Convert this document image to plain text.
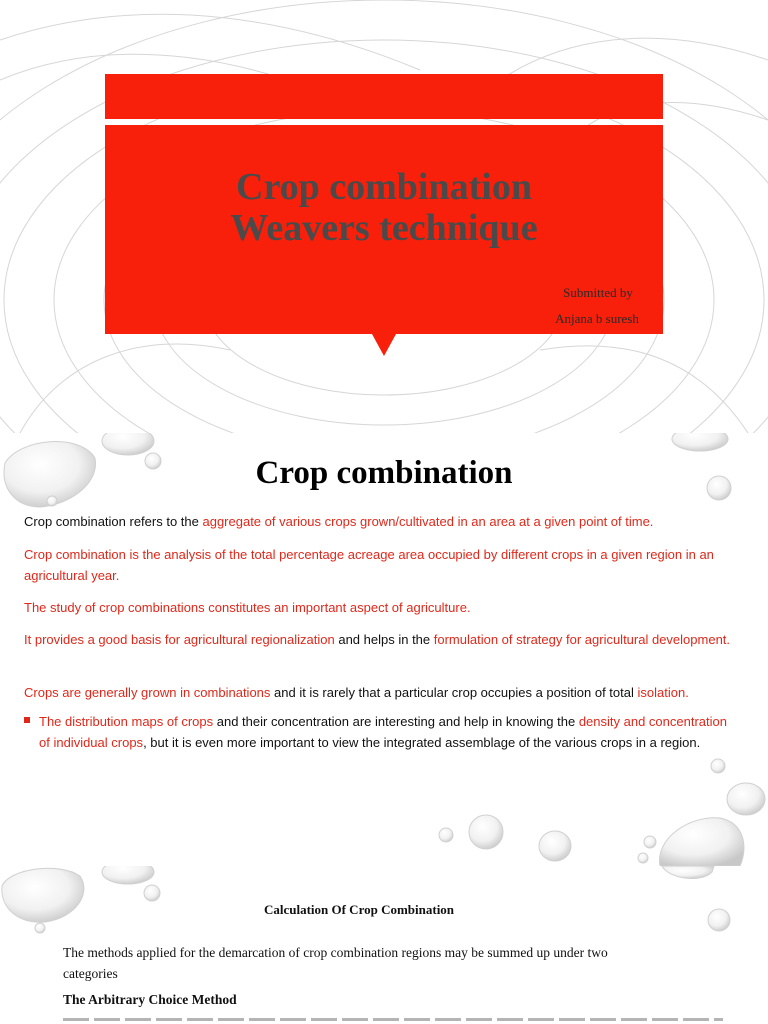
Crop combination
Weavers technique
Submitted by
Anjana b suresh
Crop combination

Crop combination refers to the aggregate of various crops grown/cultivated in an area at a given point of time.

Crop combination is the analysis of the total percentage acreage area occupied by different crops in a given region in an agricultural year.

The study of crop combinations constitutes an important aspect of agriculture.

It provides a good basis for agricultural regionalization and helps in the formulation of strategy for agricultural development.

Crops are generally grown in combinations and it is rarely that a particular crop occupies a position of total isolation.

The distribution maps of crops and their concentration are interesting and help in knowing the density and concentration of individual crops, but it is even more important to view the integrated assemblage of the various crops in a region.

Calculation Of Crop Combination

The methods applied for the demarcation of crop combination regions may be summed up under two categories

The Arbitrary Choice Method
